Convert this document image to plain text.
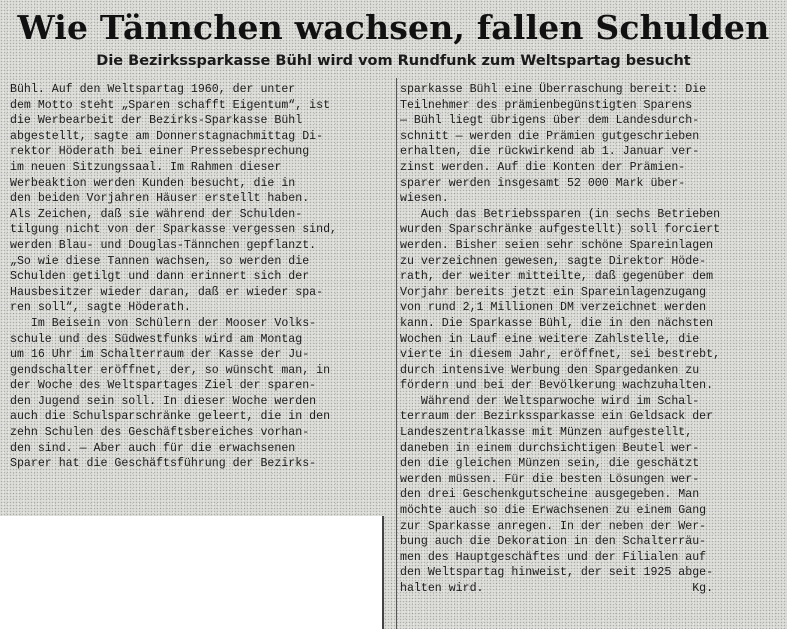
Wie Tännchen wachsen, fallen Schulden
Die Bezirkssparkasse Bühl wird vom Rundfunk zum Weltspartag besucht
Bühl. Auf den Weltspartag 1960, der unter
dem Motto steht „Sparen schafft Eigentum“, ist
die Werbearbeit der Bezirks-Sparkasse Bühl
abgestellt, sagte am Donnerstagnachmittag Di-
rektor Höderath bei einer Pressebesprechung
im neuen Sitzungssaal. Im Rahmen dieser
Werbeaktion werden Kunden besucht, die in
den beiden Vorjahren Häuser erstellt haben.
Als Zeichen, daß sie während der Schulden-
tilgung nicht von der Sparkasse vergessen sind,
werden Blau- und Douglas-Tännchen gepflanzt.
„So wie diese Tannen wachsen, so werden die
Schulden getilgt und dann erinnert sich der
Hausbesitzer wieder daran, daß er wieder spa-
ren soll“, sagte Höderath.
Im Beisein von Schülern der Mooser Volks-
schule und des Südwestfunks wird am Montag
um 16 Uhr im Schalterraum der Kasse der Ju-
gendschalter eröffnet, der, so wünscht man, in
der Woche des Weltspartages Ziel der sparen-
den Jugend sein soll. In dieser Woche werden
auch die Schulsparschränke geleert, die in den
zehn Schulen des Geschäftsbereiches vorhan-
den sind. — Aber auch für die erwachsenen
Sparer hat die Geschäftsführung der Bezirks-
sparkasse Bühl eine Überraschung bereit: Die
Teilnehmer des prämienbegünstigten Sparens
— Bühl liegt übrigens über dem Landesdurch-
schnitt — werden die Prämien gutgeschrieben
erhalten, die rückwirkend ab 1. Januar ver-
zinst werden. Auf die Konten der Prämien-
sparer werden insgesamt 52 000 Mark über-
wiesen.
Auch das Betriebssparen (in sechs Betrieben
wurden Sparschränke aufgestellt) soll forciert
werden. Bisher seien sehr schöne Spareinlagen
zu verzeichnen gewesen, sagte Direktor Höde-
rath, der weiter mitteilte, daß gegenüber dem
Vorjahr bereits jetzt ein Spareinlagenzugang
von rund 2,1 Millionen DM verzeichnet werden
kann. Die Sparkasse Bühl, die in den nächsten
Wochen in Lauf eine weitere Zahlstelle, die
vierte in diesem Jahr, eröffnet, sei bestrebt,
durch intensive Werbung den Spargedanken zu
fördern und bei der Bevölkerung wachzuhalten.
Während der Weltsparwoche wird im Schal-
terraum der Bezirkssparkasse ein Geldsack der
Landeszentralkasse mit Münzen aufgestellt,
daneben in einem durchsichtigen Beutel wer-
den die gleichen Münzen sein, die geschätzt
werden müssen. Für die besten Lösungen wer-
den drei Geschenkgutscheine ausgegeben. Man
möchte auch so die Erwachsenen zu einem Gang
zur Sparkasse anregen. In der neben der Wer-
bung auch die Dekoration in den Schalterräu-
men des Hauptgeschäftes und der Filialen auf
den Weltspartag hinweist, der seit 1925 abge-
halten wird.                              Kg.
